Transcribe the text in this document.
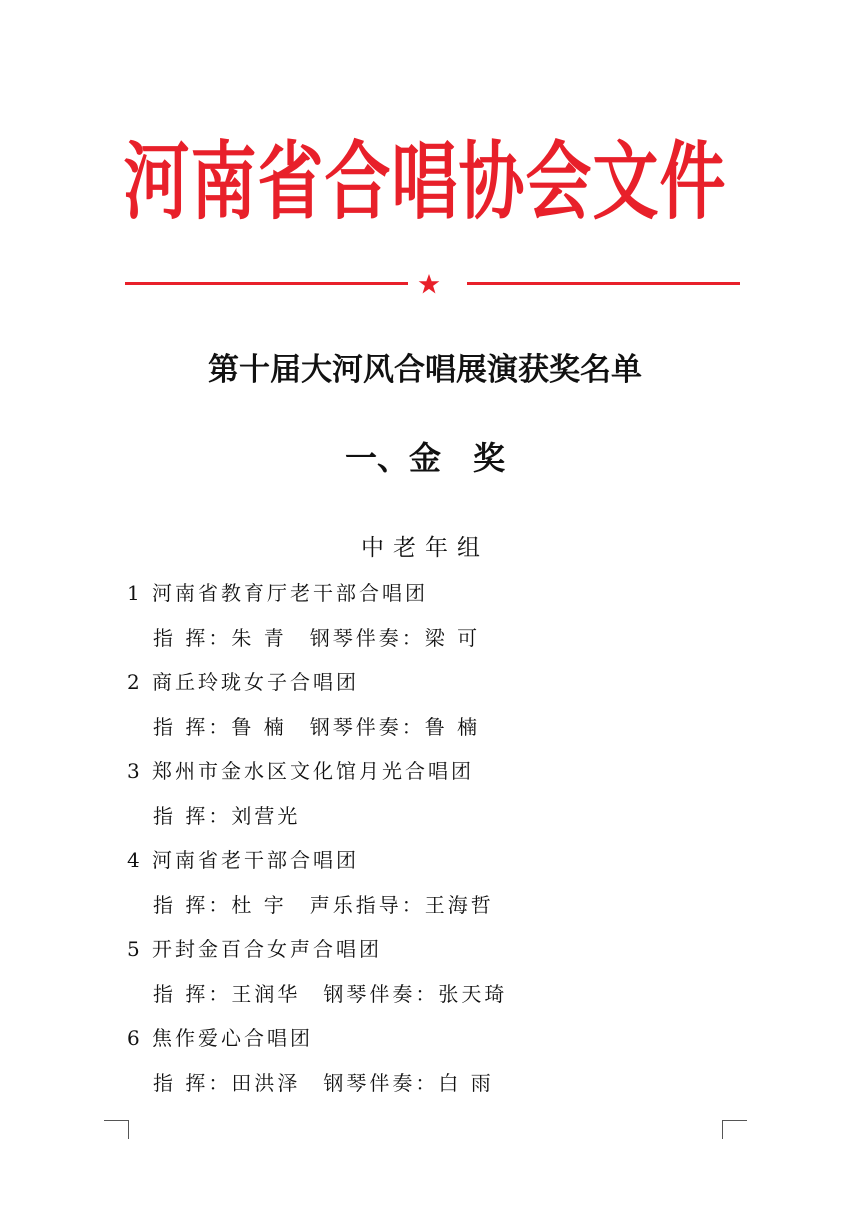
河南省合唱协会文件
第十届大河风合唱展演获奖名单
一、金　奖
中老年组
1 河南省教育厅老干部合唱团
指 挥：朱 青　钢琴伴奏：梁 可
2 商丘玲珑女子合唱团
指 挥：鲁 楠　钢琴伴奏：鲁 楠
3 郑州市金水区文化馆月光合唱团
指 挥：刘营光
4 河南省老干部合唱团
指 挥：杜 宇　声乐指导：王海哲
5 开封金百合女声合唱团
指 挥：王润华　钢琴伴奏：张天琦
6 焦作爱心合唱团
指 挥：田洪泽　钢琴伴奏：白 雨
